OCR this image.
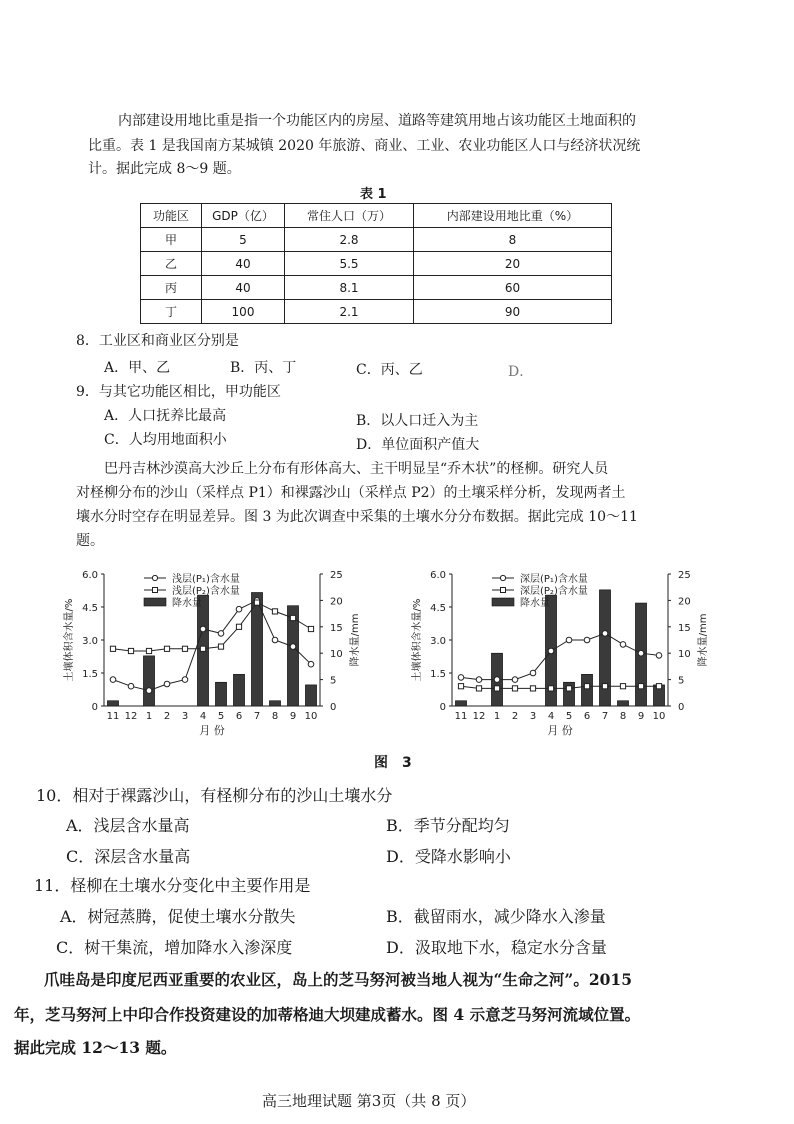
内部建设用地比重是指一个功能区内的房屋、道路等建筑用地占该功能区土地面积的
比重。表 1 是我国南方某城镇 2020 年旅游、商业、工业、农业功能区人口与经济状况统
计。据此完成 8～9 题。
表 1
功能区	GDP（亿）	常住人口（万）	内部建设用地比重（%）
甲	5	2.8	8
乙	40	5.5	20
丙	40	8.1	60
丁	100	2.1	90
8．工业区和商业区分别是
A．甲、乙	B．丙、丁	C．丙、乙	D．
9．与其它功能区相比，甲功能区
A．人口抚养比最高	B．以人口迁入为主
C．人均用地面积小	D．单位面积产值大
巴丹吉林沙漠高大沙丘上分布有形体高大、主干明显呈“乔木状”的柽柳。研究人员
对柽柳分布的沙山（采样点 P1）和裸露沙山（采样点 P2）的土壤采样分析，发现两者土
壤水分时空存在明显差异。图 3 为此次调查中采集的土壤水分分布数据。据此完成 10～11
题。
0
1.5
3.0
4.5
6.0
0
5
10
15
20
25
11 12 1 2 3 4 5 6 7 8 9 10
月 份
土壤体积含水量/%	降水量/mm
浅层(P₁)含水量
浅层(P₂)含水量
降水量
0
1.5
3.0
4.5
6.0
0
5
10
15
20
25
11 12 1 2 3 4 5 6 7 8 9 10
月 份
土壤体积含水量/%	降水量/mm
深层(P₁)含水量
深层(P₂)含水量
降水量
图　3
10．相对于裸露沙山，有柽柳分布的沙山土壤水分
A．浅层含水量高	B．季节分配均匀
C．深层含水量高	D．受降水影响小
11．柽柳在土壤水分变化中主要作用是
A．树冠蒸腾，促使土壤水分散失	B．截留雨水，减少降水入渗量
C．树干集流，增加降水入渗深度	D．汲取地下水，稳定水分含量
爪哇岛是印度尼西亚重要的农业区，岛上的芝马努河被当地人视为“生命之河”。2015
年，芝马努河上中印合作投资建设的加蒂格迪大坝建成蓄水。图 4 示意芝马努河流域位置。
据此完成 12～13 题。
高三地理试题 第3页（共 8 页）
